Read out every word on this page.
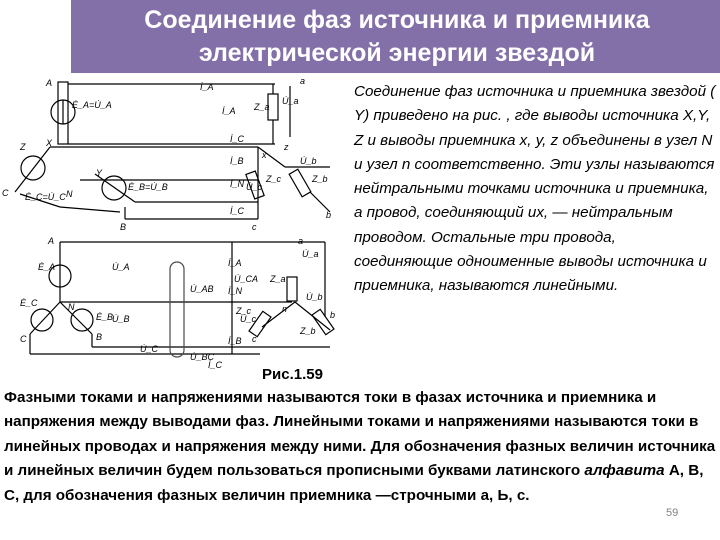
Соединение фаз источника и приемника
электрической энергии звездой
A
X
Ė_A=U̇_A
İ_A
İ_A Z_a
U̇_a
a
İ_C
C
Z
Ė_C=U̇_C
Y
Ė_B=U̇_B
N
B
İ_B
İ_N
İ_C
x
z
U̇_c
Z_c	Z_b
U̇_b
b
c
A
N
B
C
Ė_A
Ė_C
Ė_B
U̇_A
U̇_B
U̇_C
U̇_AB
U̇_CA
U̇_BC
U̇_a
U̇_b
U̇_c
İ_A
İ_N
İ_B
İ_C
Z_a
Z_b
Z_c
a
n
b
c
Соединение фаз источника и приемника звездой ( Y) приведено на рис. , где выводы источника X,Y, Z и выводы приемника x, y, z объединены в узел N и узел n соответственно. Эти узлы называются нейтральными точками источника и приемника, а провод, соединяющий их, — нейтральным проводом. Остальные три провода, соединяющие одноименные выводы источника и приемника, называются линейными.
Рис.1.59
Фазными токами и напряжениями называются токи в фазах источника и приемника и напряжения между выводами фаз. Линейными токами и напряжениями называются токи в линейных проводах и напряжения между ними. Для обозначения фазных величин источника и линейных величин будем пользоваться прописными буквами латинского алфавита А, В, С, для обозначения фазных величин приемника —строчными а, Ь, с.
59
